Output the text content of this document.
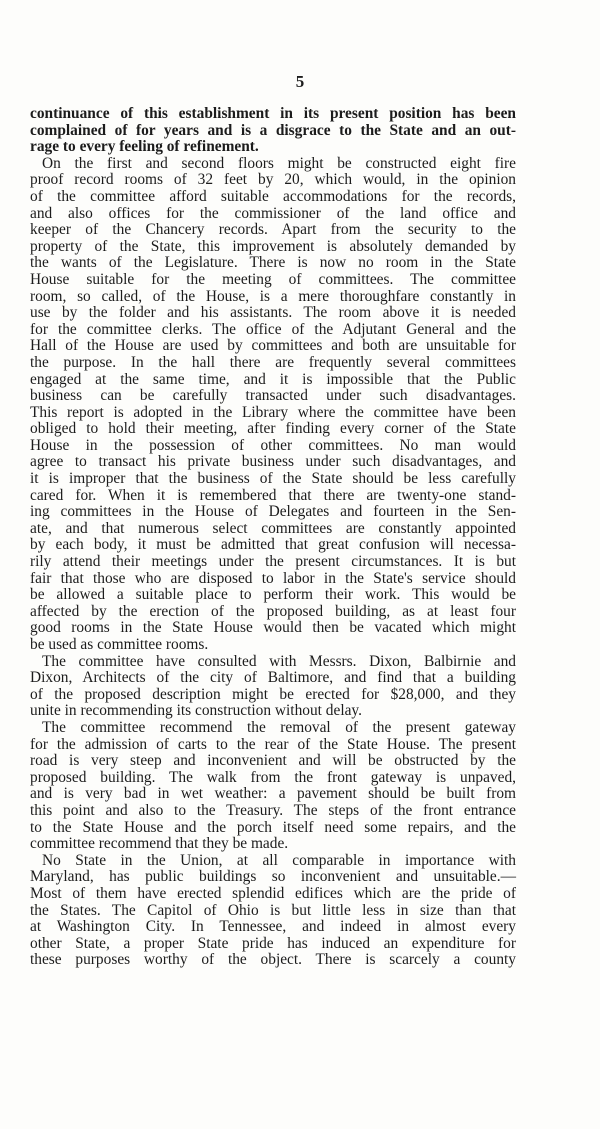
5
continuance of this establishment in its present position has been
complained of for years and is a disgrace to the State and an out-
rage to every feeling of refinement.
On the first and second floors might be constructed eight fire
proof record rooms of 32 feet by 20, which would, in the opinion
of the committee afford suitable accommodations for the records,
and also offices for the commissioner of the land office and
keeper of the Chancery records. Apart from the security to the
property of the State, this improvement is absolutely demanded by
the wants of the Legislature. There is now no room in the State
House suitable for the meeting of committees. The committee
room, so called, of the House, is a mere thoroughfare constantly in
use by the folder and his assistants. The room above it is needed
for the committee clerks. The office of the Adjutant General and the
Hall of the House are used by committees and both are unsuitable for
the purpose. In the hall there are frequently several committees
engaged at the same time, and it is impossible that the Public
business can be carefully transacted under such disadvantages.
This report is adopted in the Library where the committee have been
obliged to hold their meeting, after finding every corner of the State
House in the possession of other committees. No man would
agree to transact his private business under such disadvantages, and
it is improper that the business of the State should be less carefully
cared for. When it is remembered that there are twenty-one stand-
ing committees in the House of Delegates and fourteen in the Sen-
ate, and that numerous select committees are constantly appointed
by each body, it must be admitted that great confusion will necessa-
rily attend their meetings under the present circumstances. It is but
fair that those who are disposed to labor in the State's service should
be allowed a suitable place to perform their work. This would be
affected by the erection of the proposed building, as at least four
good rooms in the State House would then be vacated which might
be used as committee rooms.
The committee have consulted with Messrs. Dixon, Balbirnie and
Dixon, Architects of the city of Baltimore, and find that a building
of the proposed description might be erected for $28,000, and they
unite in recommending its construction without delay.
The committee recommend the removal of the present gateway
for the admission of carts to the rear of the State House. The present
road is very steep and inconvenient and will be obstructed by the
proposed building. The walk from the front gateway is unpaved,
and is very bad in wet weather: a pavement should be built from
this point and also to the Treasury. The steps of the front entrance
to the State House and the porch itself need some repairs, and the
committee recommend that they be made.
No State in the Union, at all comparable in importance with
Maryland, has public buildings so inconvenient and unsuitable.—
Most of them have erected splendid edifices which are the pride of
the States. The Capitol of Ohio is but little less in size than that
at Washington City. In Tennessee, and indeed in almost every
other State, a proper State pride has induced an expenditure for
these purposes worthy of the object. There is scarcely a county
